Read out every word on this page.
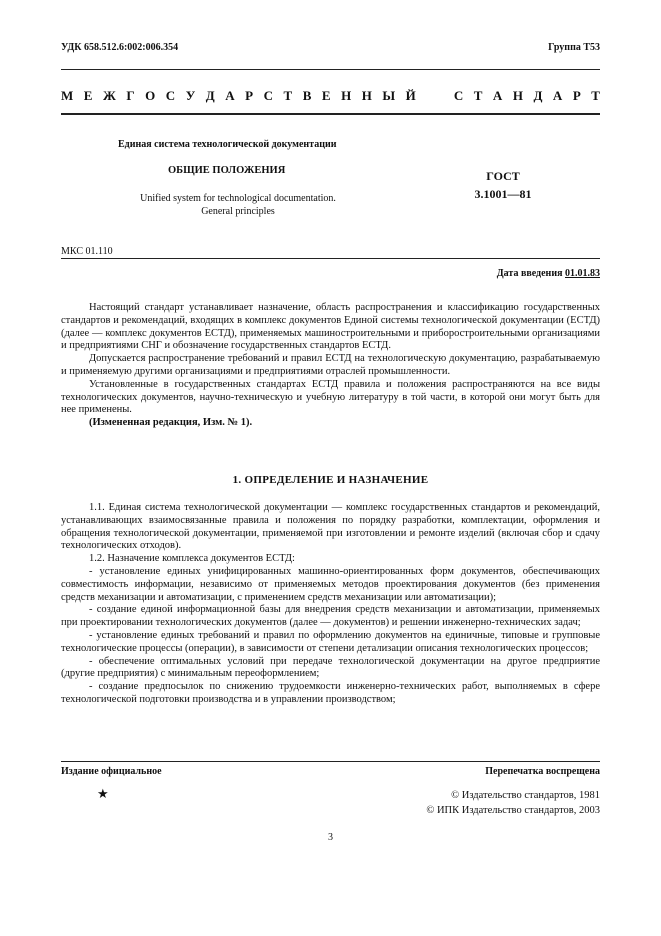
УДК 658.512.6:002:006.354	Группа Т53
М Е Ж Г О С У Д А Р С Т В Е Н Н Ы Й

	С Т А Н Д А Р Т
Единая система технологической документации
ОБЩИЕ ПОЛОЖЕНИЯ	ГОСТ
3.1001—81
Unified system for technological documentation.
General principles
МКС 01.110
Дата введения 01.01.83

Настоящий стандарт устанавливает назначение, область распространения и классификацию государственных стандартов и рекомендаций, входящих в комплекс документов Единой системы технологической документации (ЕСТД) (далее — комплекс документов ЕСТД), применяемых машиностроительными и приборостроительными организациями и предприятиями СНГ и обозначение государственных стандартов ЕСТД.

Допускается распространение требований и правил ЕСТД на технологическую документацию, разрабатываемую и применяемую другими организациями и предприятиями отраслей промышленности.

Установленные в государственных стандартах ЕСТД правила и положения распространяются на все виды технологических документов, научно-техническую и учебную литературу в той части, в которой они могут быть для нее применены.

(Измененная редакция, Изм. № 1).

1. ОПРЕДЕЛЕНИЕ И НАЗНАЧЕНИЕ

1.1. Единая система технологической документации — комплекс государственных стандартов и рекомендаций, устанавливающих взаимосвязанные правила и положения по порядку разработки, комплектации, оформления и обращения технологической документации, применяемой при изготовлении и ремонте изделий (включая сбор и сдачу технологических отходов).

1.2. Назначение комплекса документов ЕСТД:

- установление единых унифицированных машинно-ориентированных форм документов, обеспечивающих совместимость информации, независимо от применяемых методов проектирования документов (без применения средств механизации и автоматизации, с применением средств механизации или автоматизации);

- создание единой информационной базы для внедрения средств механизации и автоматизации, применяемых при проектировании технологических документов (далее — документов) и решении инженерно-технических задач;

- установление единых требований и правил по оформлению документов на единичные, типовые и групповые технологические процессы (операции), в зависимости от степени детализации описания технологических процессов;

- обеспечение оптимальных условий при передаче технологической документации на другое предприятие (другие предприятия) с минимальным переоформлением;

- создание предпосылок по снижению трудоемкости инженерно-технических работ, выполняемых в сфере технологической подготовки производства и в управлении производством;

Издание официальное	Перепечатка воспрещена
★	© Издательство стандартов, 1981
© ИПК Издательство стандартов, 2003
3
